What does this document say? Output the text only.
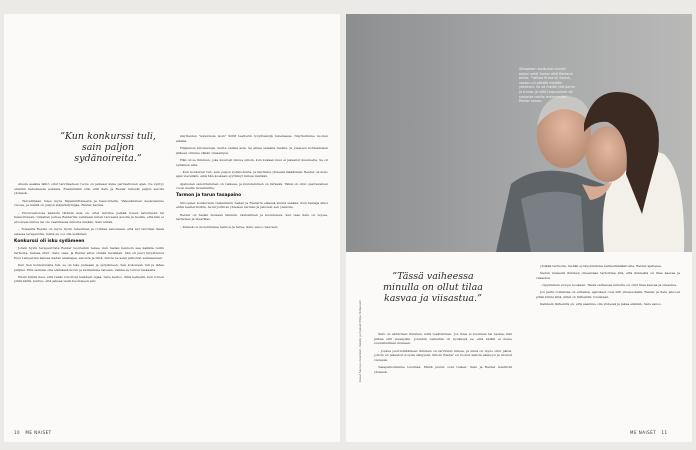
”Kun konkurssi tuli, sain paljon sydänoireita.”

Alusta asakka lähtö ollut tarvitsadeen tuote on jaikeasi kuka parraaltonen ajan. Ite syntyy erenkin kahuksesta auksata. Ensimmäiin stiä, että Satu ja Reidar tekevät paljon asioita yhdessä.

– Tarvallinaan tulee myös hiljemmittaisesta ja haavoittelta. Väkevämmen kesäolemme vivoaa, ja meillä on paljon stäpirkitymijaa, Reidar karsua.

– Huoluvaltoissa kaikista täränin asia on, ettei tarvitse pelkää toisen satuttavan tai haavoittavan. Uskallan puhua Reidarille veikkaasi miten tarvaena asioita ja tiedän, että hän ei arvostele minua tai ole vaatimassa minulta mitään, Satu kiitää.

– Toisaalta Reidar on myös hyvin rehellinen ja roihkea sanomaan, että nyt tarvitset lässä asiassa terapeuttia, mistä en voi olla selläinen.

Konkurssi oli isku sydämeen

Jotain hyvin terapeuttista Reidar luonteikin tekee, kun Sadan kannoin saa kaikkia reitin tarinoita, haluaa 2021. Satu osaa, ja Reidar astui omalla tavallaan: hän oli juuri kirjoittanut Pusi Lamperian kanssa Sadan asianajaa, asioista ja mitä, mutta ne asiat jatkoivat sellaisenaan.

Kun tien konkurssista tuli, se oli iske palleaan ja syöpämeen. Sen kokonaan tuli ja lähes pärjäsi. Että saimme olla elämässä luvun ja keräsimme taivaan, vaikka se tuntui raskaalta.

Ensin häntä tiesi, että rahat rokotivat kaikkein lujaa, Satu kertoo. Sillä hetkellä, kun toinen pitää kättä, tuntuu, että jaksaa vielä huomiseen asti.

näytteiden "iskuloksia isoin" KOM teatterin työyhteisöjä tukemassa. Näyttelimme vuoden aikana.

Hiljaisuus kilometrejä, mutta vaikka asia. Se alkaa samalla tavalla, ja jokaisen kohtaamisen jälkeen olimme vähän viisaampia.

Hän oli se ihminen, joka kuunteli minua silloin, kun kukaan muu ei jaksanut kuunnella. Se oli sydämen asia.

– Kun konkurssi tuli, sain paljon sydänoireita, ja kävimme yhdessä lääkärissä. Reidar oli koko ajan vierelläni, eikä hän koskaan syyttänyt minua mistään.

Ajatusten sanoittaminen on vaikeaa, ja muistaminen on tärkeää. Tämä on ollut opettavainen vuosi meille molemmille.

Tarmon ja tarun tasapaino

Silvopleet konkurssin vaikeimmin Sadan ja Reidarin eläessä alusta saakka. Kun haluaja alkoi ehtiä teatteritöihin, he kirjoittivat yhteisen tarinan ja jakoivat sen yleisölle.

Reidar on Sadan mukaan lämmin, rauhallinen ja kuunteleva, kun taas Satu on nopea, tarmokas ja idearikas.

– Meissä on molemmissa tarmoa ja tarua, Satu sanoo nauraen.

Silvopleen konkurssi muutti paljon sekä Sadun että Reidarin arkea. "Vaikka firma oli Sadun, vastuu oli pitkälti meidän yhteinen. Se oli meille yhä perhe ja tunne, ja siitä luopuminen oli raskasta meille molemmille", Reidar sanoo.
Kuvat Sanna Linnenkari, meikki ja hiukset Minja Teräsvuori
”Tässä vaiheessa minulla on ollut tilaa kasvaa ja viisastua.”

Satu on aktiivinen ihminen, mitä reaktiivinen. Jos mies ei kuuntele tai vastaa, hän jatkaa silti eteenpäin. Jotenkin vaikeinta oli hyväksyä se, että kaikki ei mene suunnitelmien mukaan.

– Joskus puuttelitkäiteen ihminen on tarvinnut minua, ja minä on myös ollut päivä, jolloin en jaksanut nousta sängystä. Silloin Reidar on tuonut kahvia sänkyyn ja istunut vieressä.

Tasapainotilanne toisiinsa: Mistä juuret ovat tulleet, Satu ja Reidar miettivät yhdessä.

yhdäliä tarinoita, mehän syökysyinimme kaliberikkäästi alla, Reidar ajattelee.

Sadun mielestä ihminen oikeastaan tarkoittaa sitä, että ihmisellä on tilaa kasvaa ja viisastua.

– Oppiminen ei lopu koskaan. Tässä vaiheessa minulla on ollut tilaa kasvaa ja viisastua.

Jos parin toimintaa on erilaista, ajatukset ovat silti yhteneväisiä. Reidar ja Satu aikovat pitää kiinni siitä, mikä on tärkeintä: toisistaan.

Kaikkein tärkeintä on, että saamme olla yhdessä ja jakaa elämän, Satu sanoo.

10 ME NAISET	ME NAISET 11
